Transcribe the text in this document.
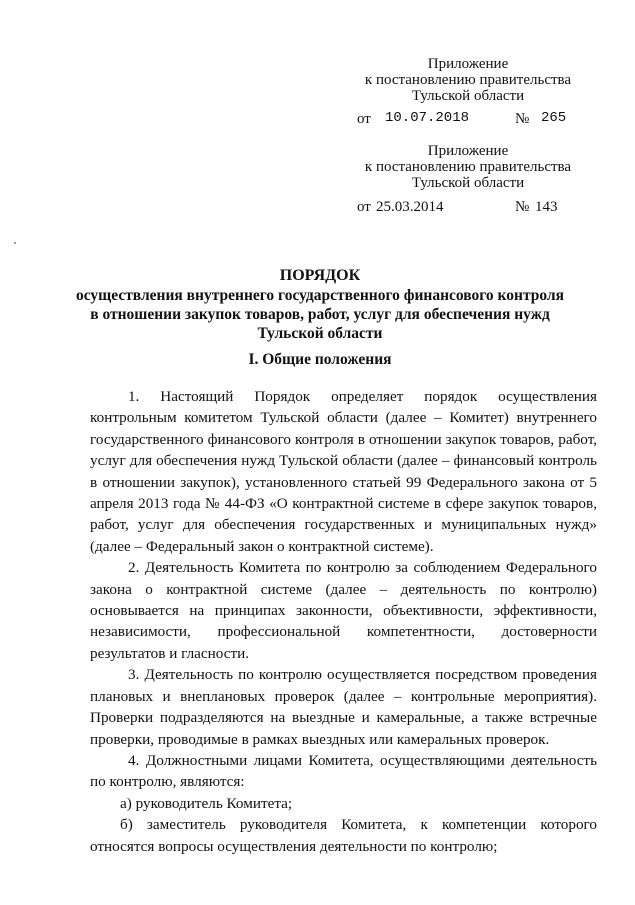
Приложение
к постановлению правительства
Тульской области
от 10.07.2018	№ 265
Приложение
к постановлению правительства
Тульской области
от 25.03.2014	№ 143
ПОРЯДОК
осуществления внутреннего государственного финансового контроля
в отношении закупок товаров, работ, услуг для обеспечения нужд
Тульской области
I. Общие положения

1. Настоящий Порядок определяет порядок осуществления контрольным комитетом Тульской области (далее – Комитет) внутреннего государственного финансового контроля в отношении закупок товаров, работ, услуг для обеспечения нужд Тульской области (далее – финансовый контроль в отношении закупок), установленного статьей 99 Федерального закона от 5 апреля 2013 года № 44-ФЗ «О контрактной системе в сфере закупок товаров, работ, услуг для обеспечения государственных и муниципальных нужд» (далее – Федеральный закон о контрактной системе).

2. Деятельность Комитета по контролю за соблюдением Федерального закона о контрактной системе (далее – деятельность по контролю) основывается на принципах законности, объективности, эффективности, независимости, профессиональной компетентности, достоверности результатов и гласности.

3. Деятельность по контролю осуществляется посредством проведения плановых и внеплановых проверок (далее – контрольные мероприятия). Проверки подразделяются на выездные и камеральные, а также встречные проверки, проводимые в рамках выездных или камеральных проверок.

4. Должностными лицами Комитета, осуществляющими деятельность по контролю, являются:

а) руководитель Комитета;

б) заместитель руководителя Комитета, к компетенции которого относятся вопросы осуществления деятельности по контролю;
